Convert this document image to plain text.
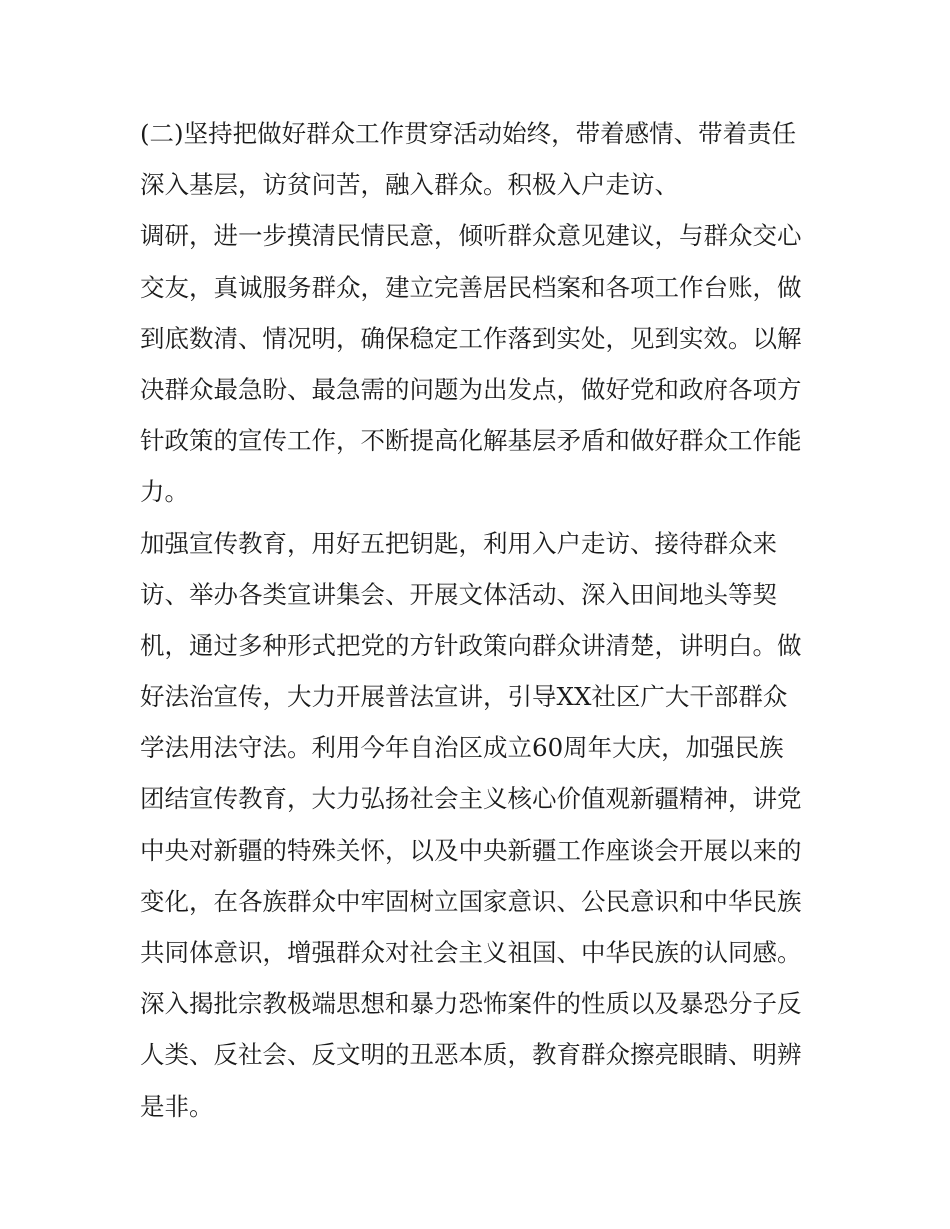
(二)坚持把做好群众工作贯穿活动始终，带着感情、带着责任
深入基层，访贫问苦，融入群众。积极入户走访、
调研，进一步摸清民情民意，倾听群众意见建议，与群众交心
交友，真诚服务群众，建立完善居民档案和各项工作台账，做
到底数清、情况明，确保稳定工作落到实处，见到实效。以解
决群众最急盼、最急需的问题为出发点，做好党和政府各项方
针政策的宣传工作，不断提高化解基层矛盾和做好群众工作能
力。
加强宣传教育，用好五把钥匙，利用入户走访、接待群众来
访、举办各类宣讲集会、开展文体活动、深入田间地头等契
机，通过多种形式把党的方针政策向群众讲清楚，讲明白。做
好法治宣传，大力开展普法宣讲，引导XX社区广大干部群众
学法用法守法。利用今年自治区成立60周年大庆，加强民族
团结宣传教育，大力弘扬社会主义核心价值观新疆精神，讲党
中央对新疆的特殊关怀，以及中央新疆工作座谈会开展以来的
变化，在各族群众中牢固树立国家意识、公民意识和中华民族
共同体意识，增强群众对社会主义祖国、中华民族的认同感。
深入揭批宗教极端思想和暴力恐怖案件的性质以及暴恐分子反
人类、反社会、反文明的丑恶本质，教育群众擦亮眼睛、明辨
是非。
